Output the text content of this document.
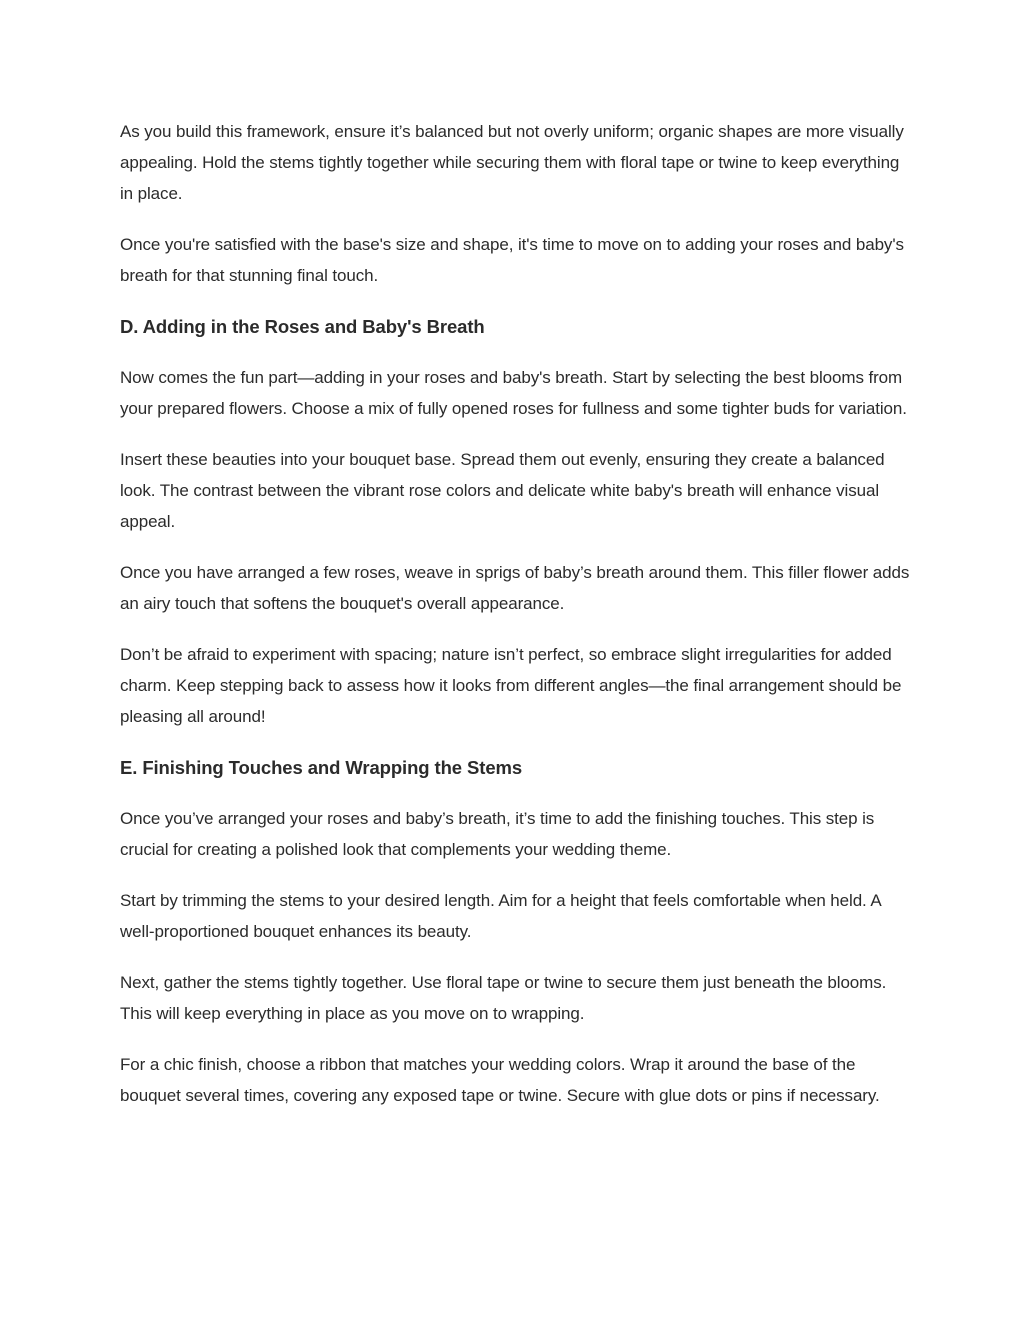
As you build this framework, ensure it’s balanced but not overly uniform; organic shapes are more visually appealing. Hold the stems tightly together while securing them with floral tape or twine to keep everything in place.

Once you're satisfied with the base's size and shape, it's time to move on to adding your roses and baby's breath for that stunning final touch.

D. Adding in the Roses and Baby's Breath

Now comes the fun part—adding in your roses and baby's breath. Start by selecting the best blooms from your prepared flowers. Choose a mix of fully opened roses for fullness and some tighter buds for variation.

Insert these beauties into your bouquet base. Spread them out evenly, ensuring they create a balanced look. The contrast between the vibrant rose colors and delicate white baby's breath will enhance visual appeal.

Once you have arranged a few roses, weave in sprigs of baby’s breath around them. This filler flower adds an airy touch that softens the bouquet's overall appearance.

Don’t be afraid to experiment with spacing; nature isn’t perfect, so embrace slight irregularities for added charm. Keep stepping back to assess how it looks from different angles—the final arrangement should be pleasing all around!

E. Finishing Touches and Wrapping the Stems

Once you’ve arranged your roses and baby’s breath, it’s time to add the finishing touches. This step is crucial for creating a polished look that complements your wedding theme.

Start by trimming the stems to your desired length. Aim for a height that feels comfortable when held. A well-proportioned bouquet enhances its beauty.

Next, gather the stems tightly together. Use floral tape or twine to secure them just beneath the blooms. This will keep everything in place as you move on to wrapping.

For a chic finish, choose a ribbon that matches your wedding colors. Wrap it around the base of the bouquet several times, covering any exposed tape or twine. Secure with glue dots or pins if necessary.
